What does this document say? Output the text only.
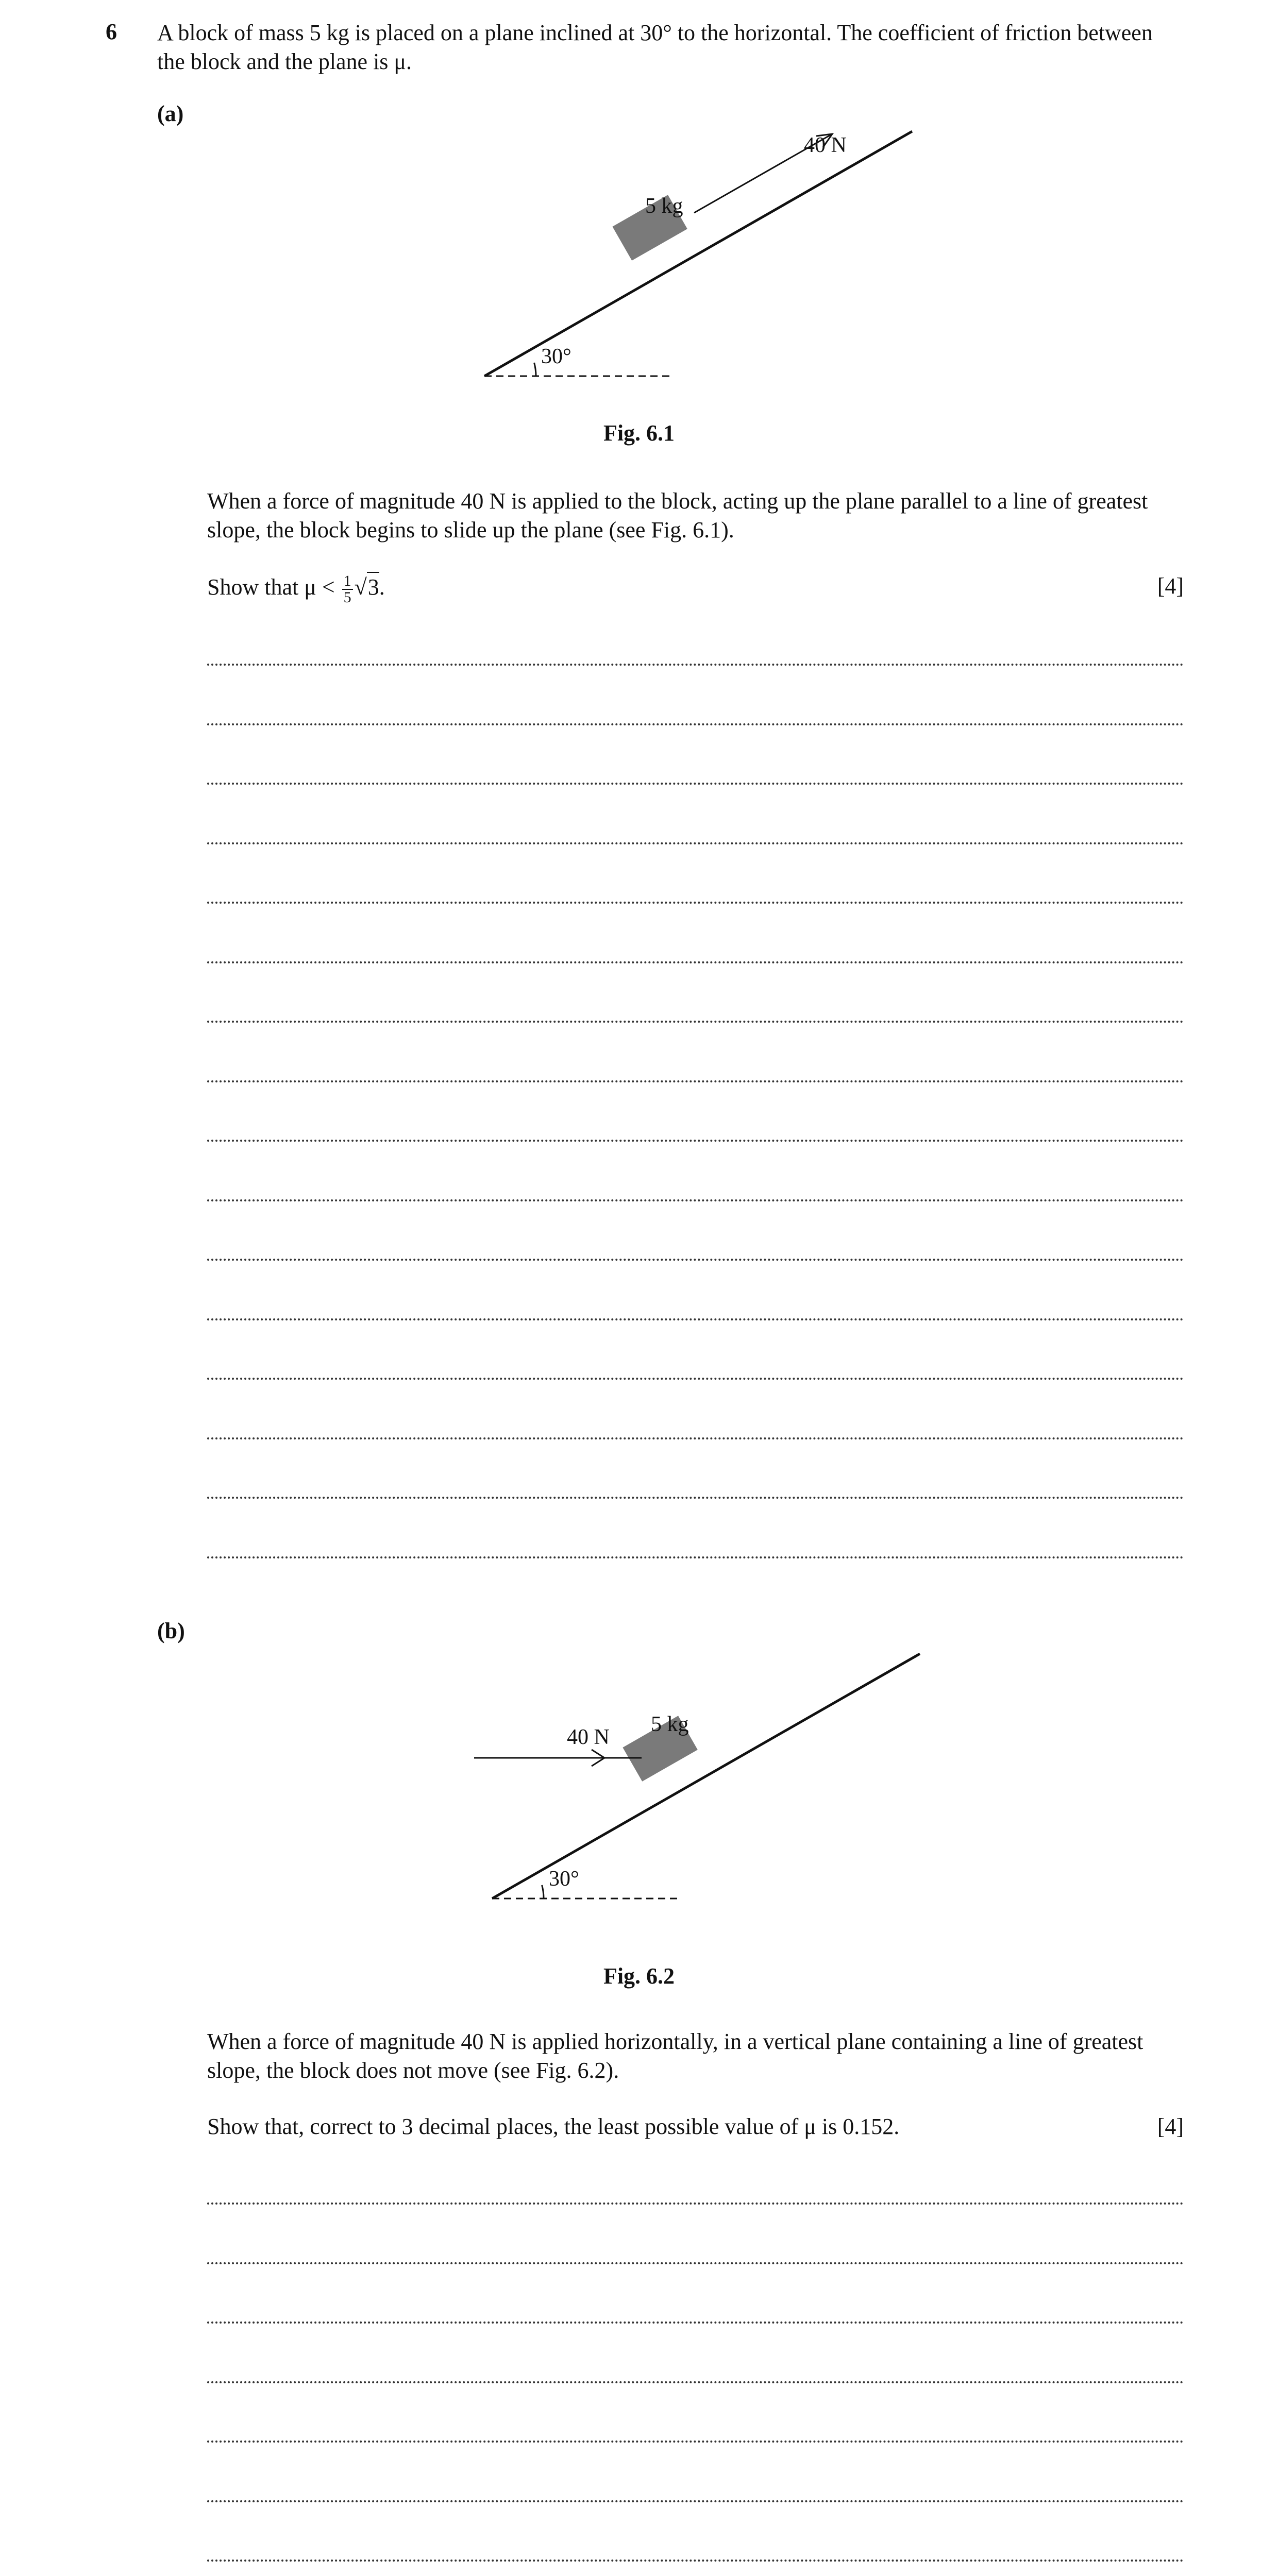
6 A block of mass 5 kg is placed on a plane inclined at 30° to the horizontal. The coefficient of friction between the block and the plane is μ.
(a)
30°
40 N
5 kg
Fig. 6.1
When a force of magnitude 40 N is applied to the block, acting up the plane parallel to a line of greatest slope, the block begins to slide up the plane (see Fig. 6.1).
Show that $\mu < \frac{1}{5} √3$.	[4]
(b)
30°
40 N
5 kg
Fig. 6.2
When a force of magnitude 40 N is applied horizontally, in a vertical plane containing a line of greatest slope, the block does not move (see Fig. 6.2).
Show that, correct to 3 decimal places, the least possible value of μ is 0.152.	[4]
